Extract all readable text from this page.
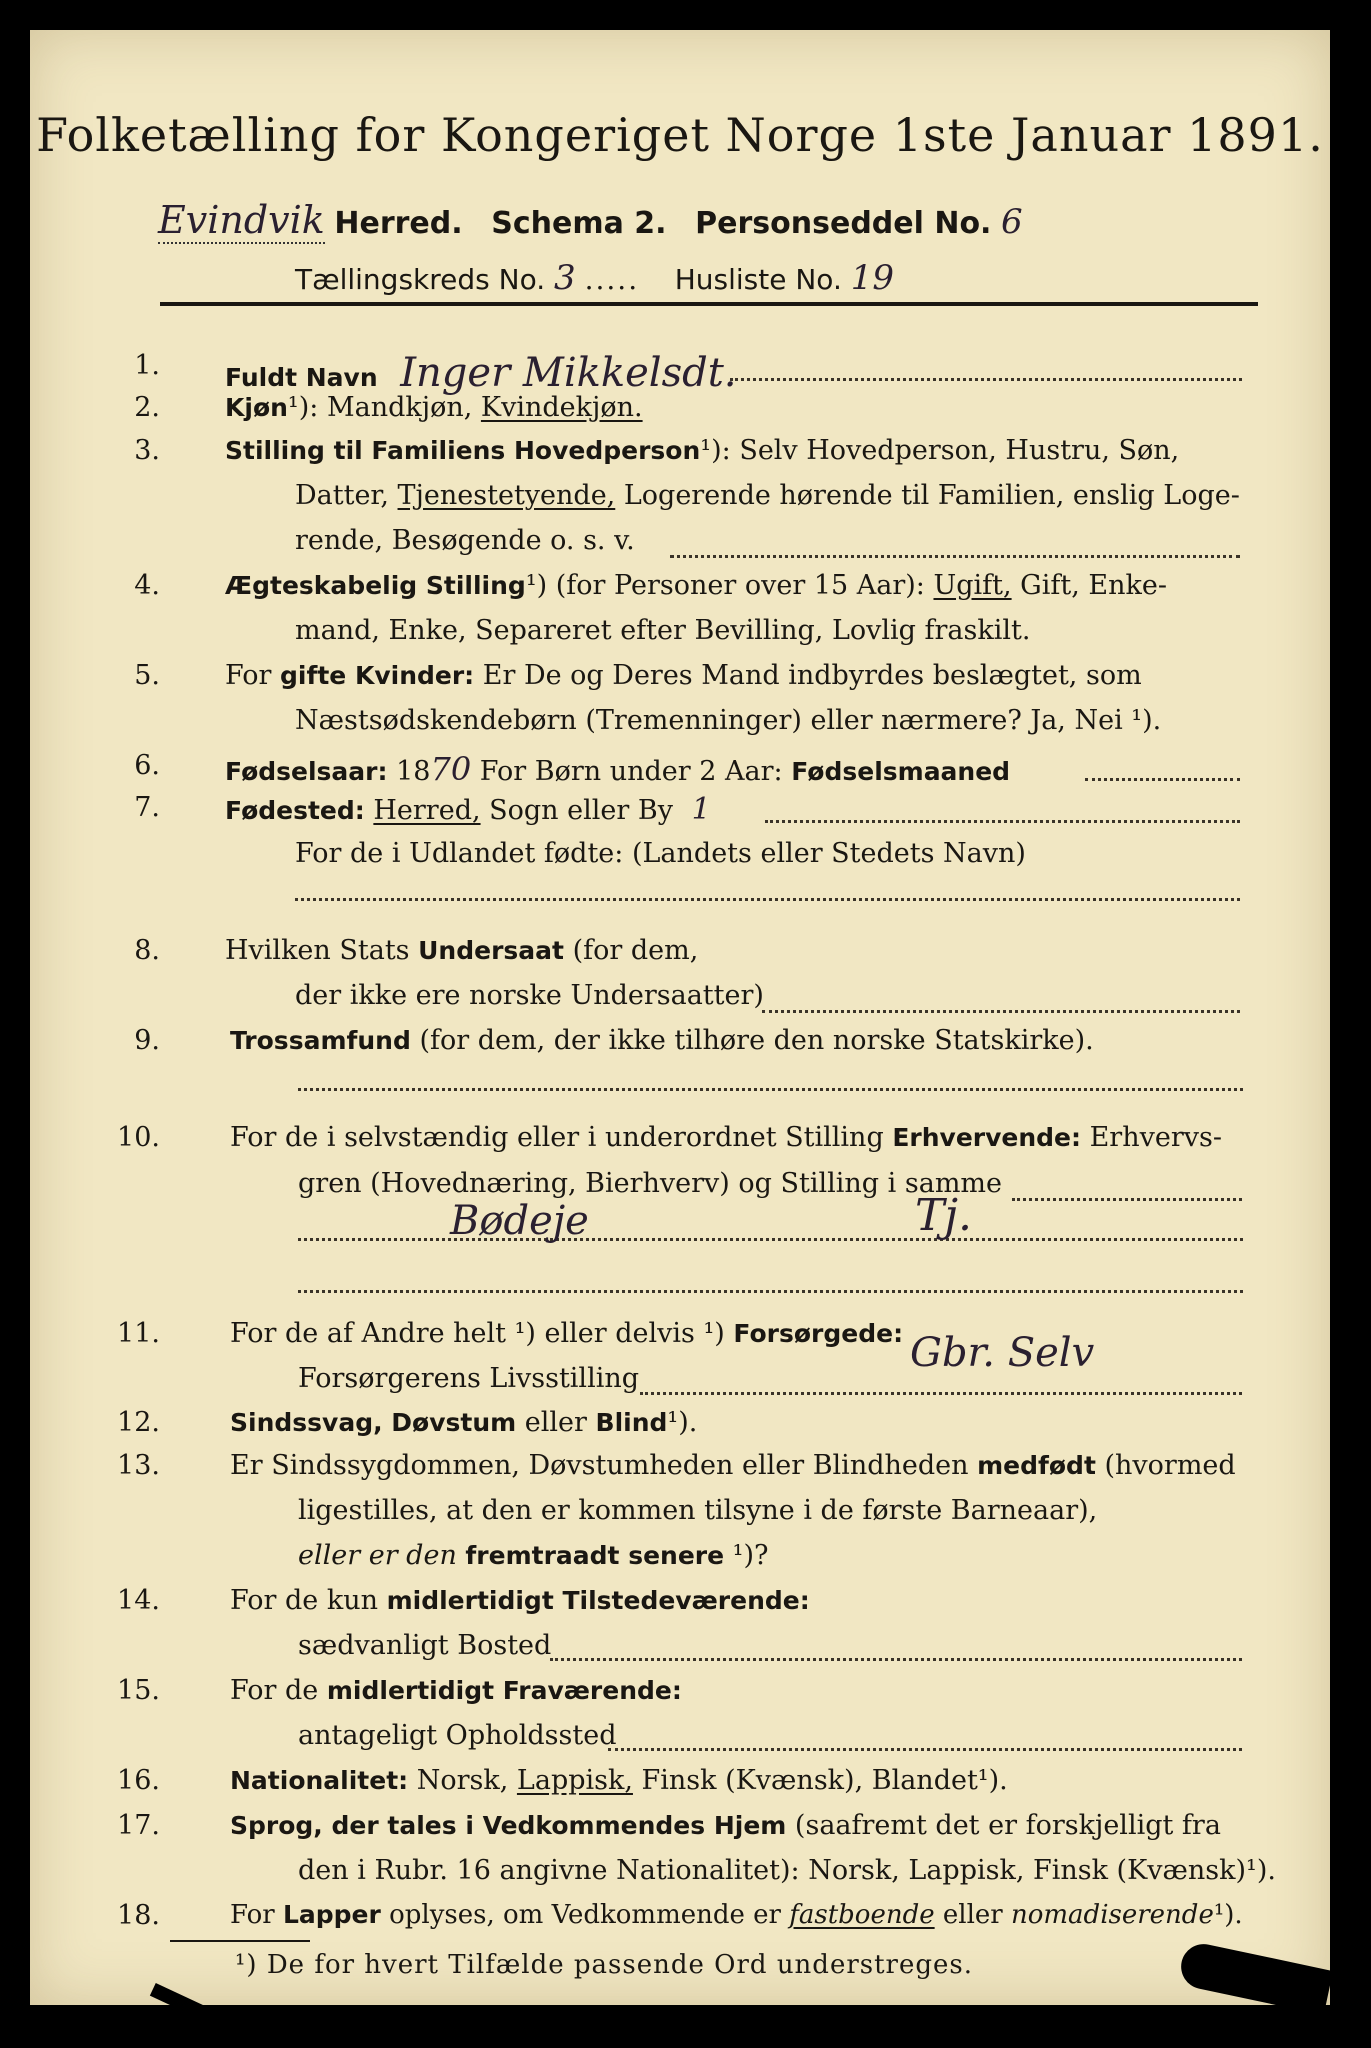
Folketælling for Kongeriget Norge 1ste Januar 1891.
Evindvik Herred. Schema 2. Personseddel No. 6
Tællingskreds No. 3 ..... Husliste No. 19
1.	Fuldt Navn Inger Mikkelsdt.
2.	Kjøn¹): Mandkjøn, Kvindekjøn.
3.	Stilling til Familiens Hovedperson¹): Selv Hovedperson, Hustru, Søn,
Datter, Tjenestetyende, Logerende hørende til Familien, enslig Loge-
rende, Besøgende o. s. v.
4.	Ægteskabelig Stilling¹) (for Personer over 15 Aar): Ugift, Gift, Enke-
mand, Enke, Separeret efter Bevilling, Lovlig fraskilt.
5. For gifte Kvinder: Er De og Deres Mand indbyrdes beslægtet, som
Næstsødskendebørn (Tremenninger) eller nærmere? Ja, Nei ¹).
6.	Fødselsaar: 1870 For Børn under 2 Aar: Fødselsmaaned
7.	Fødested: Herred, Sogn eller By 1
For de i Udlandet fødte: (Landets eller Stedets Navn)
8. Hvilken Stats Undersaat (for dem,
der ikke ere norske Undersaatter)
9.	Trossamfund (for dem, der ikke tilhøre den norske Statskirke).
10.	For de i selvstændig eller i underordnet Stilling Erhvervende: Erhvervs-
gren (Hovednæring, Bierhverv) og Stilling i samme
Bødeje	Tj.
11.	For de af Andre helt ¹) eller delvis ¹) Forsørgede:
Forsørgerens Livsstilling
Gbr. Selv
12.	Sindssvag, Døvstum eller Blind¹).
13.	Er Sindssygdommen, Døvstumheden eller Blindheden medfødt (hvormed
ligestilles, at den er kommen tilsyne i de første Barneaar),
eller er den fremtraadt senere ¹)?
14.	For de kun midlertidigt Tilstedeværende:
sædvanligt Bosted
15.	For de midlertidigt Fraværende:
antageligt Opholdssted
16.	Nationalitet: Norsk, Lappisk, Finsk (Kvænsk), Blandet¹).
17.	Sprog, der tales i Vedkommendes Hjem (saafremt det er forskjelligt fra
den i Rubr. 16 angivne Nationalitet): Norsk, Lappisk, Finsk (Kvænsk)¹).
18.	For Lapper oplyses, om Vedkommende er fastboende eller nomadiserende¹).
¹) De for hvert Tilfælde passende Ord understreges.
